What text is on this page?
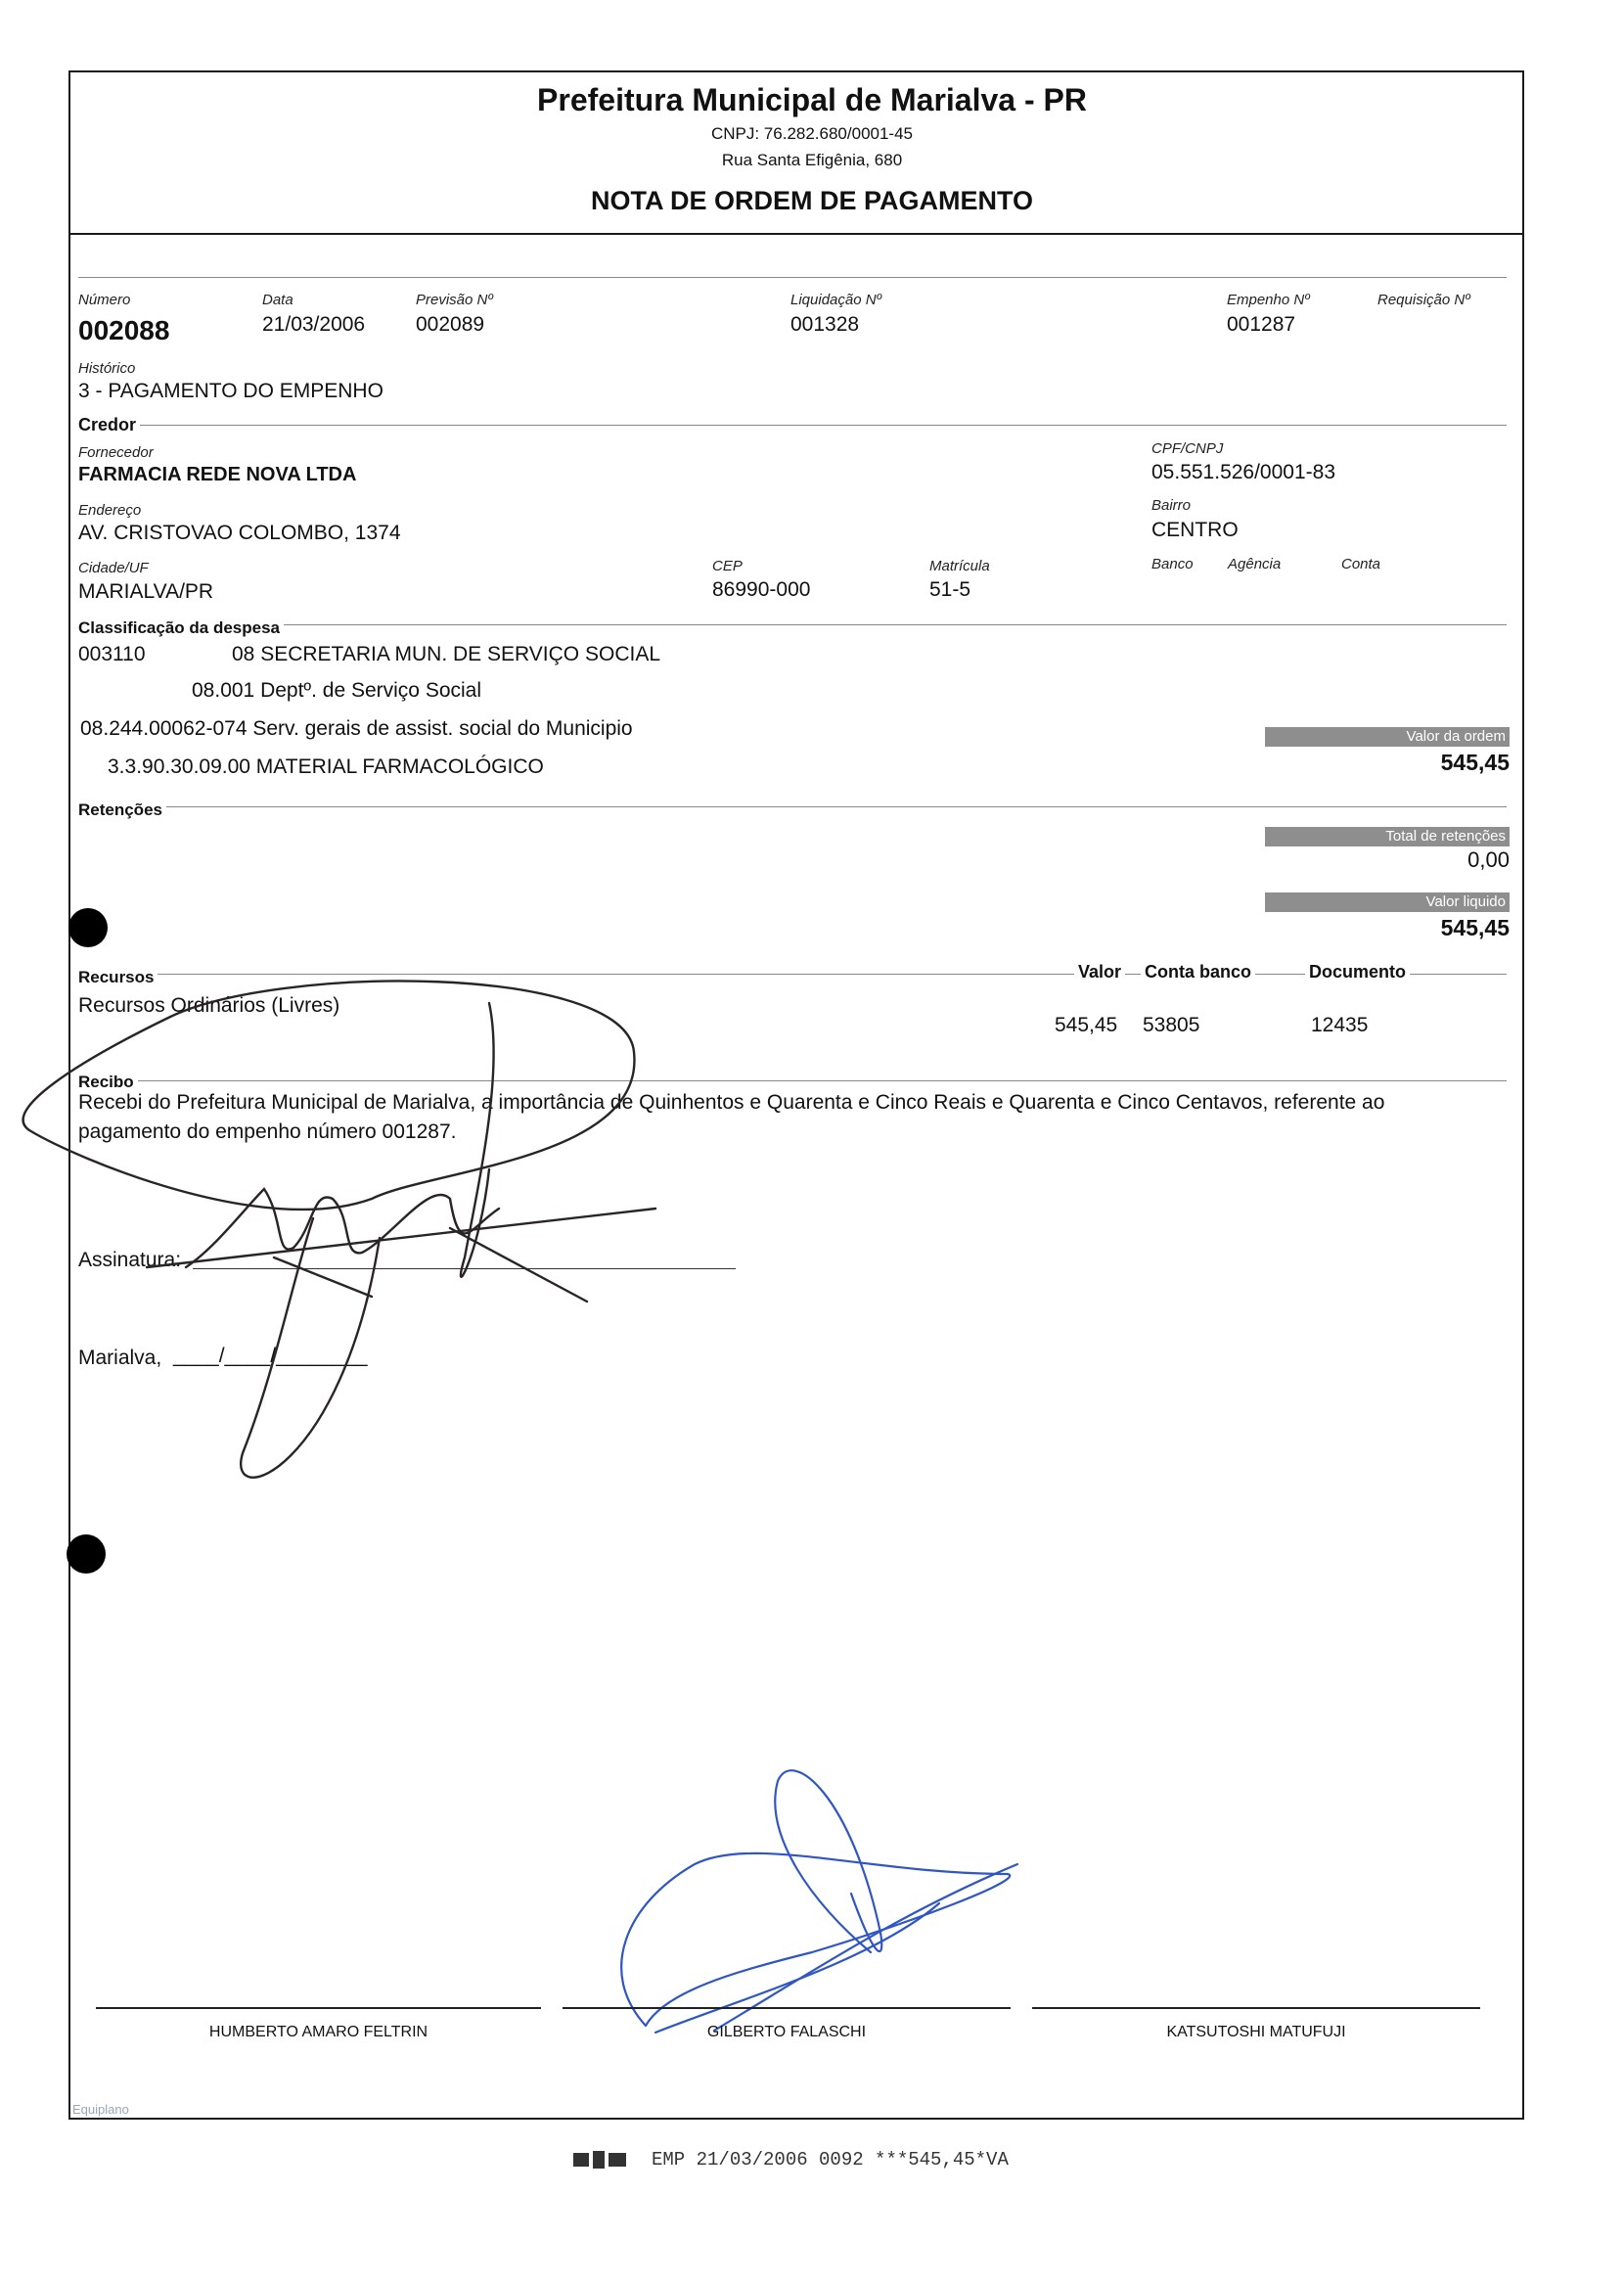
Prefeitura Municipal de Marialva - PR
CNPJ: 76.282.680/0001-45
Rua Santa Efigênia, 680
NOTA DE ORDEM DE PAGAMENTO
Número
002088
Data
21/03/2006
Previsão Nº
002089
Liquidação Nº
001328
Empenho Nº
001287
Requisição Nº
Histórico
3 - PAGAMENTO DO EMPENHO
Credor
Fornecedor
FARMACIA REDE NOVA LTDA
CPF/CNPJ
05.551.526/0001-83
Endereço
AV. CRISTOVAO COLOMBO, 1374
Bairro
CENTRO
Cidade/UF
MARIALVA/PR
CEP
86990-000
Matrícula
51-5
Banco Agência	Conta
Classificação da despesa
003110	08 SECRETARIA MUN. DE SERVIÇO SOCIAL
08.001 Deptº. de Serviço Social
08.244.00062-074 Serv. gerais de assist. social do Municipio
3.3.90.30.09.00 MATERIAL FARMACOLÓGICO
Valor da ordem
545,45
Retenções
Total de retenções
0,00
Valor liquido
545,45
Recursos	Valor Conta banco	Documento
Recursos Ordinários (Livres)
545,45 53805	12435
Recibo
Recebi do Prefeitura Municipal de Marialva, a importância de Quinhentos e Quarenta e Cinco Reais e Quarenta e Cinco Centavos, referente ao
pagamento do empenho número 001287.
Assinatura:
Marialva, ____/____/________
HUMBERTO AMARO FELTRIN	GILBERTO FALASCHI	KATSUTOSHI MATUFUJI
Equiplano
EMP 21/03/2006 0092 ***545,45*VA
